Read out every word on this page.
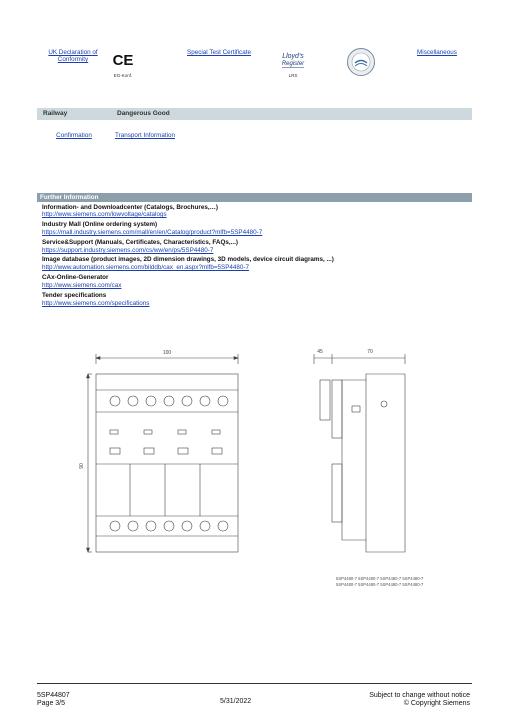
UK Declaration of Conformity	CE
EG-Konf.
Special Test Certificate
Lloyd's
Register
LRS
Miscellaneous
Railway	Dangerous Good
Confirmation	Transport Information
Further Information
Information- and Downloadcenter (Catalogs, Brochures,…)
http://www.siemens.com/lowvoltage/catalogs
Industry Mall (Online ordering system)
https://mall.industry.siemens.com/mall/en/en/Catalog/product?mlfb=5SP4480-7
Service&Support (Manuals, Certificates, Characteristics, FAQs,...)
https://support.industry.siemens.com/cs/ww/en/ps/5SP4480-7
Image database (product images, 2D dimension drawings, 3D models, device circuit diagrams, ...)
http://www.automation.siemens.com/bilddb/cax_en.aspx?mlfb=5SP4480-7
CAx-Online-Generator
http://www.siemens.com/cax
Tender specifications
http://www.siemens.com/specifications
100
90
45	70
5SP4480-7 5SP4480-7 5SP4480-7 5SP4480-7
5SP4480-7 5SP4480-7 5SP4480-7 5SP4480-7
5SP44807
Page 3/5	5/31/2022
Subject to change without notice
© Copyright Siemens
